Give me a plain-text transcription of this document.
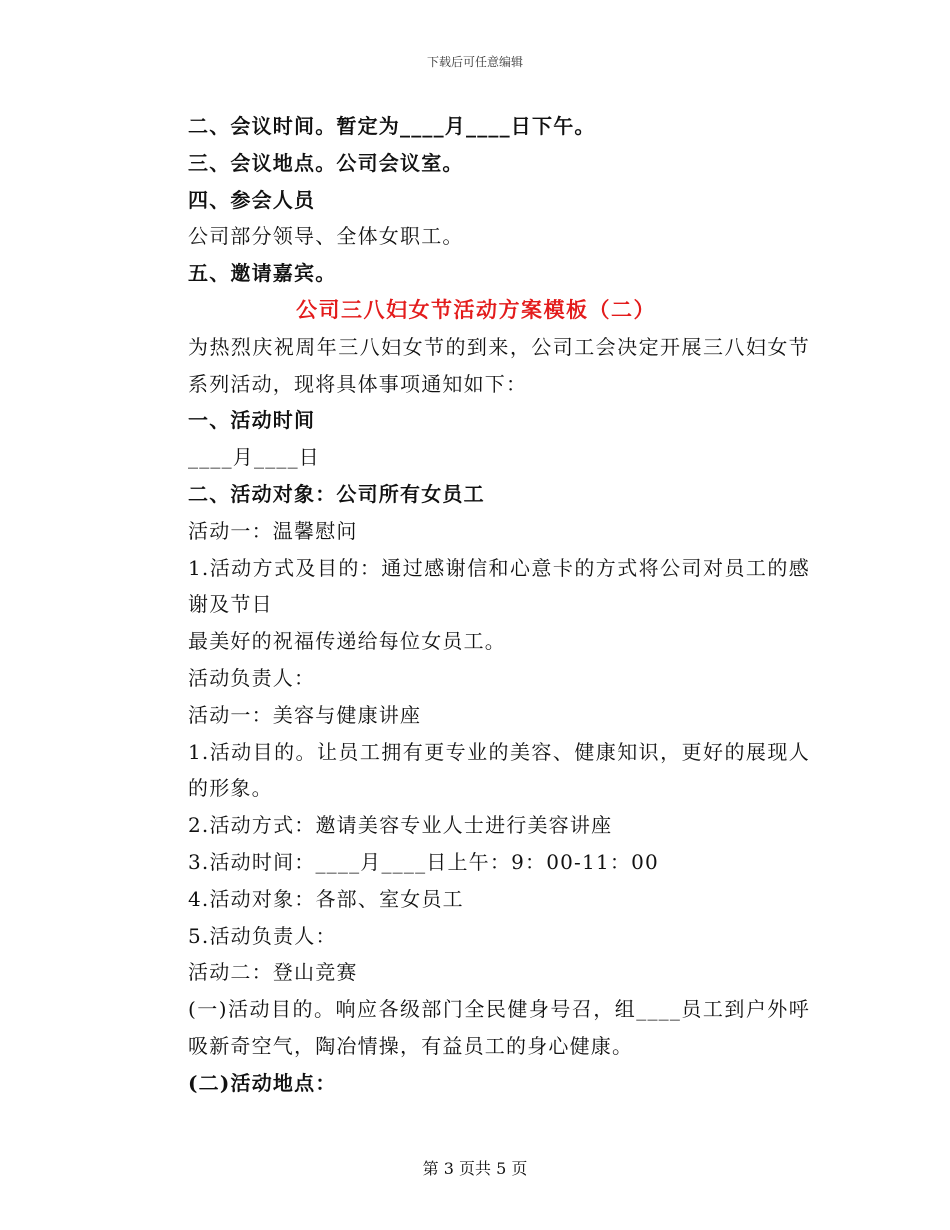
下载后可任意编辑
二、会议时间。暂定为____月____日下午。
三、会议地点。公司会议室。
四、参会人员
公司部分领导、全体女职工。
五、邀请嘉宾。
公司三八妇女节活动方案模板（二）
为热烈庆祝周年三八妇女节的到来，公司工会决定开展三八妇女节系列活动，现将具体事项通知如下：
一、活动时间
____月____日
二、活动对象：公司所有女员工
活动一：温馨慰问
1.活动方式及目的：通过感谢信和心意卡的方式将公司对员工的感谢及节日
最美好的祝福传递给每位女员工。
活动负责人：
活动一：美容与健康讲座
1.活动目的。让员工拥有更专业的美容、健康知识，更好的展现人的形象。
2.活动方式：邀请美容专业人士进行美容讲座
3.活动时间：____月____日上午：9：00-11：00
4.活动对象：各部、室女员工
5.活动负责人：
活动二：登山竞赛
(一)活动目的。响应各级部门全民健身号召，组____员工到户外呼吸新奇空气，陶冶情操，有益员工的身心健康。
(二)活动地点：
第 3 页共 5 页
